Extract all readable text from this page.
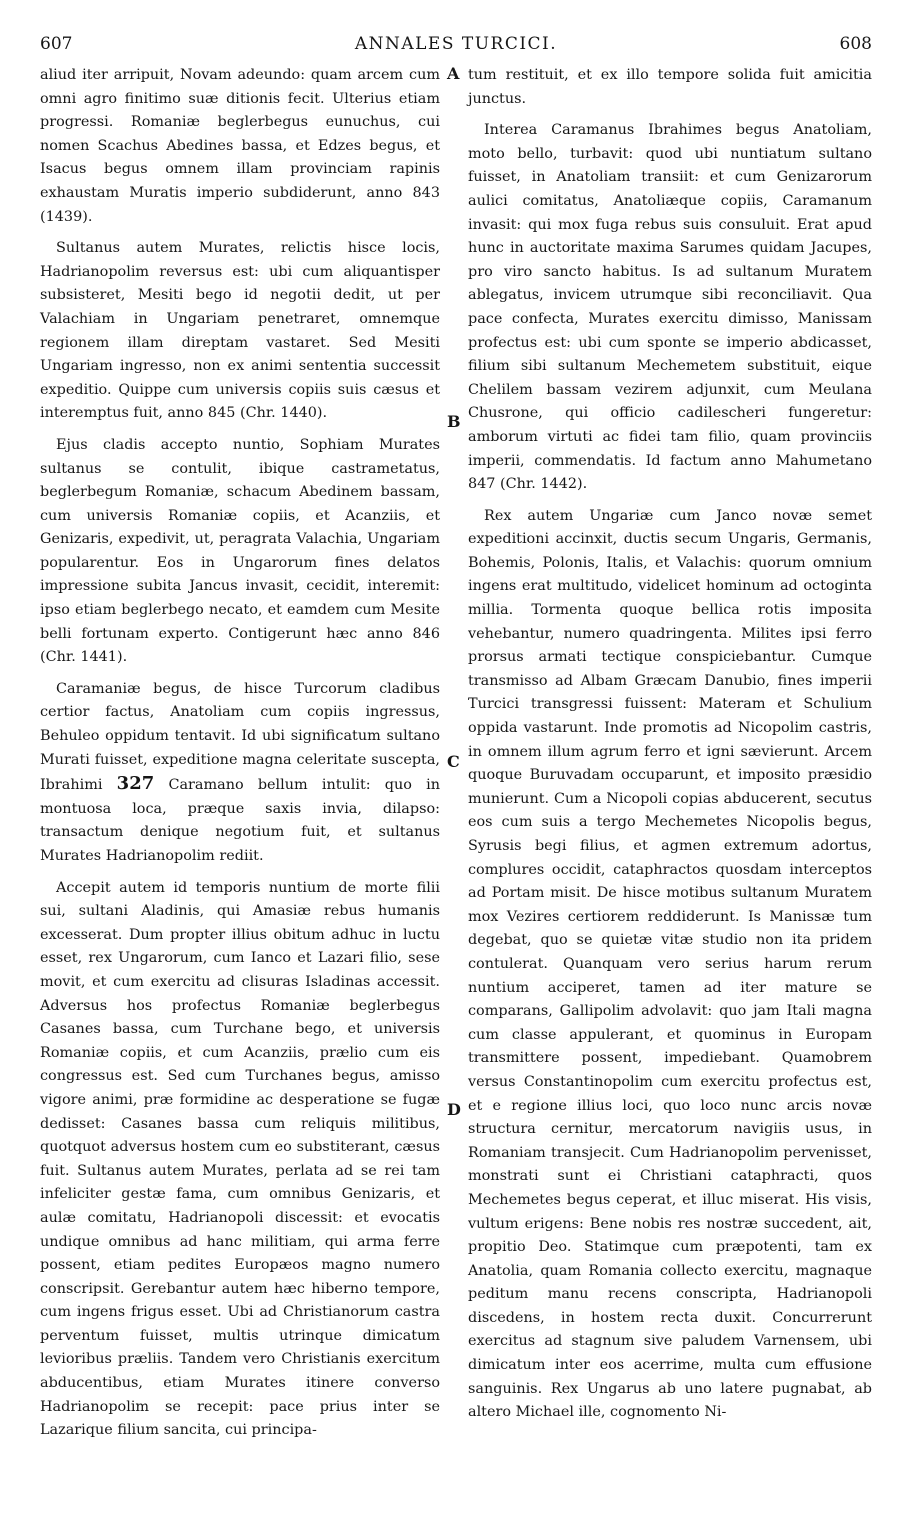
607	ANNALES TURCICI.	608

aliud iter arripuit, Novam adeundo: quam arcem cum omni agro finitimo suæ ditionis fecit. Ulterius etiam progressi. Romaniæ beglerbegus eunuchus, cui nomen Scachus Abedines bassa, et Edzes begus, et Isacus begus omnem illam provinciam rapinis exhaustam Muratis imperio subdiderunt, anno 843 (1439).

Sultanus autem Murates, relictis hisce locis, Hadrianopolim reversus est: ubi cum aliquantisper subsisteret, Mesiti bego id negotii dedit, ut per Valachiam in Ungariam penetraret, omnemque regionem illam direptam vastaret. Sed Mesiti Ungariam ingresso, non ex animi sententia successit expeditio. Quippe cum universis copiis suis cæsus et interemptus fuit, anno 845 (Chr. 1440).

Ejus cladis accepto nuntio, Sophiam Murates sultanus se contulit, ibique castrametatus, beglerbegum Romaniæ, schacum Abedinem bassam, cum universis Romaniæ copiis, et Acanziis, et Genizaris, expedivit, ut, peragrata Valachia, Ungariam popularentur. Eos in Ungarorum fines delatos impressione subita Jancus invasit, cecidit, interemit: ipso etiam beglerbego necato, et eamdem cum Mesite belli fortunam experto. Contigerunt hæc anno 846 (Chr. 1441).

Caramaniæ begus, de hisce Turcorum cladibus certior factus, Anatoliam cum copiis ingressus, Behuleo oppidum tentavit. Id ubi significatum sultano Murati fuisset, expeditione magna celeritate suscepta, Ibrahimi 327 Caramano bellum intulit: quo in montuosa loca, præque saxis invia, dilapso: transactum denique negotium fuit, et sultanus Murates Hadrianopolim rediit.

Accepit autem id temporis nuntium de morte filii sui, sultani Aladinis, qui Amasiæ rebus humanis excesserat. Dum propter illius obitum adhuc in luctu esset, rex Ungarorum, cum Ianco et Lazari filio, sese movit, et cum exercitu ad clisuras Isladinas accessit. Adversus hos profectus Romaniæ beglerbegus Casanes bassa, cum Turchane bego, et universis Romaniæ copiis, et cum Acanziis, prælio cum eis congressus est. Sed cum Turchanes begus, amisso vigore animi, præ formidine ac desperatione se fugæ dedisset: Casanes bassa cum reliquis militibus, quotquot adversus hostem cum eo substiterant, cæsus fuit. Sultanus autem Murates, perlata ad se rei tam infeliciter gestæ fama, cum omnibus Genizaris, et aulæ comitatu, Hadrianopoli discessit: et evocatis undique omnibus ad hanc militiam, qui arma ferre possent, etiam pedites Europæos magno numero conscripsit. Gerebantur autem hæc hiberno tempore, cum ingens frigus esset. Ubi ad Christianorum castra perventum fuisset, multis utrinque dimicatum levioribus præliis. Tandem vero Christianis exercitum abducentibus, etiam Murates itinere converso Hadrianopolim se recepit: pace prius inter se Lazarique filium sancita, cui principa-

A
B
C
D

tum restituit, et ex illo tempore solida fuit amicitia junctus.

Interea Caramanus Ibrahimes begus Anatoliam, moto bello, turbavit: quod ubi nuntiatum sultano fuisset, in Anatoliam transiit: et cum Genizarorum aulici comitatus, Anatoliæque copiis, Caramanum invasit: qui mox fuga rebus suis consuluit. Erat apud hunc in auctoritate maxima Sarumes quidam Jacupes, pro viro sancto habitus. Is ad sultanum Muratem ablegatus, invicem utrumque sibi reconciliavit. Qua pace confecta, Murates exercitu dimisso, Manissam profectus est: ubi cum sponte se imperio abdicasset, filium sibi sultanum Mechemetem substituit, eique Chelilem bassam vezirem adjunxit, cum Meulana Chusrone, qui officio cadilescheri fungeretur: amborum virtuti ac fidei tam filio, quam provinciis imperii, commendatis. Id factum anno Mahumetano 847 (Chr. 1442).

Rex autem Ungariæ cum Janco novæ semet expeditioni accinxit, ductis secum Ungaris, Germanis, Bohemis, Polonis, Italis, et Valachis: quorum omnium ingens erat multitudo, videlicet hominum ad octoginta millia. Tormenta quoque bellica rotis imposita vehebantur, numero quadringenta. Milites ipsi ferro prorsus armati tectique conspiciebantur. Cumque transmisso ad Albam Græcam Danubio, fines imperii Turcici transgressi fuissent: Materam et Schulium oppida vastarunt. Inde promotis ad Nicopolim castris, in omnem illum agrum ferro et igni sævierunt. Arcem quoque Buruvadam occuparunt, et imposito præsidio munierunt. Cum a Nicopoli copias abducerent, secutus eos cum suis a tergo Mechemetes Nicopolis begus, Syrusis begi filius, et agmen extremum adortus, complures occidit, cataphractos quosdam interceptos ad Portam misit. De hisce motibus sultanum Muratem mox Vezires certiorem reddiderunt. Is Manissæ tum degebat, quo se quietæ vitæ studio non ita pridem contulerat. Quanquam vero serius harum rerum nuntium acciperet, tamen ad iter mature se comparans, Gallipolim advolavit: quo jam Itali magna cum classe appulerant, et quominus in Europam transmittere possent, impediebant. Quamobrem versus Constantinopolim cum exercitu profectus est, et e regione illius loci, quo loco nunc arcis novæ structura cernitur, mercatorum navigiis usus, in Romaniam transjecit. Cum Hadrianopolim pervenisset, monstrati sunt ei Christiani cataphracti, quos Mechemetes begus ceperat, et illuc miserat. His visis, vultum erigens: Bene nobis res nostræ succedent, ait, propitio Deo. Statimque cum præpotenti, tam ex Anatolia, quam Romania collecto exercitu, magnaque peditum manu recens conscripta, Hadrianopoli discedens, in hostem recta duxit. Concurrerunt exercitus ad stagnum sive paludem Varnensem, ubi dimicatum inter eos acerrime, multa cum effusione sanguinis. Rex Ungarus ab uno latere pugnabat, ab altero Michael ille, cognomento Ni-
